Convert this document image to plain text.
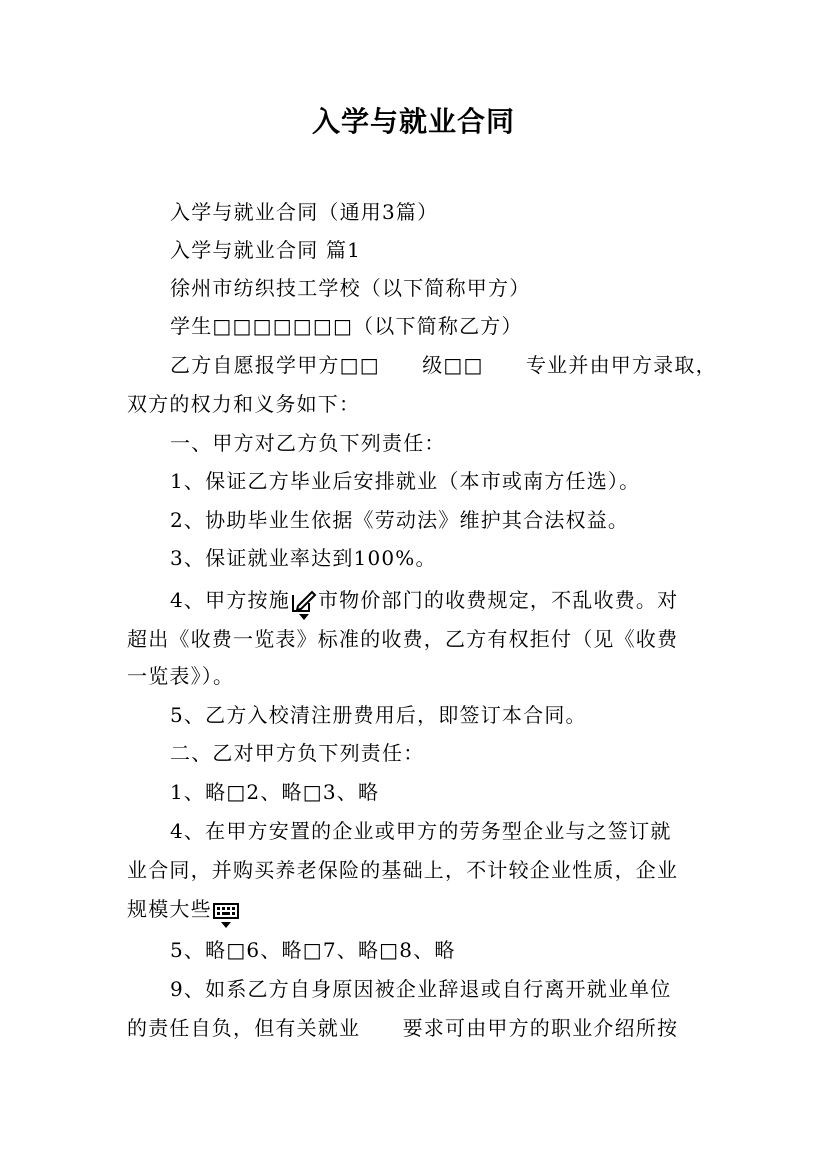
入学与就业合同
入学与就业合同（通用3篇）
入学与就业合同 篇1
徐州市纺织技工学校（以下简称甲方）
学生□□□□□□□（以下简称乙方）
乙方自愿报学甲方□□　　级□□　　专业并由甲方录取，
双方的权力和义务如下：
一、甲方对乙方负下列责任：
1、保证乙方毕业后安排就业（本市或南方任选）。
2、协助毕业生依据《劳动法》维护其合法权益。
3、保证就业率达到100%。
4、甲方按施 市物价部门的收费规定，不乱收费。对
超出《收费一览表》标准的收费，乙方有权拒付（见《收费
一览表》）。
5、乙方入校清注册费用后，即签订本合同。
二、乙对甲方负下列责任：
1、略□2、略□3、略
4、在甲方安置的企业或甲方的劳务型企业与之签订就
业合同，并购买养老保险的基础上，不计较企业性质，企业
规模大些
5、略□6、略□7、略□8、略
9、如系乙方自身原因被企业辞退或自行离开就业单位
的责任自负，但有关就业　　要求可由甲方的职业介绍所按
